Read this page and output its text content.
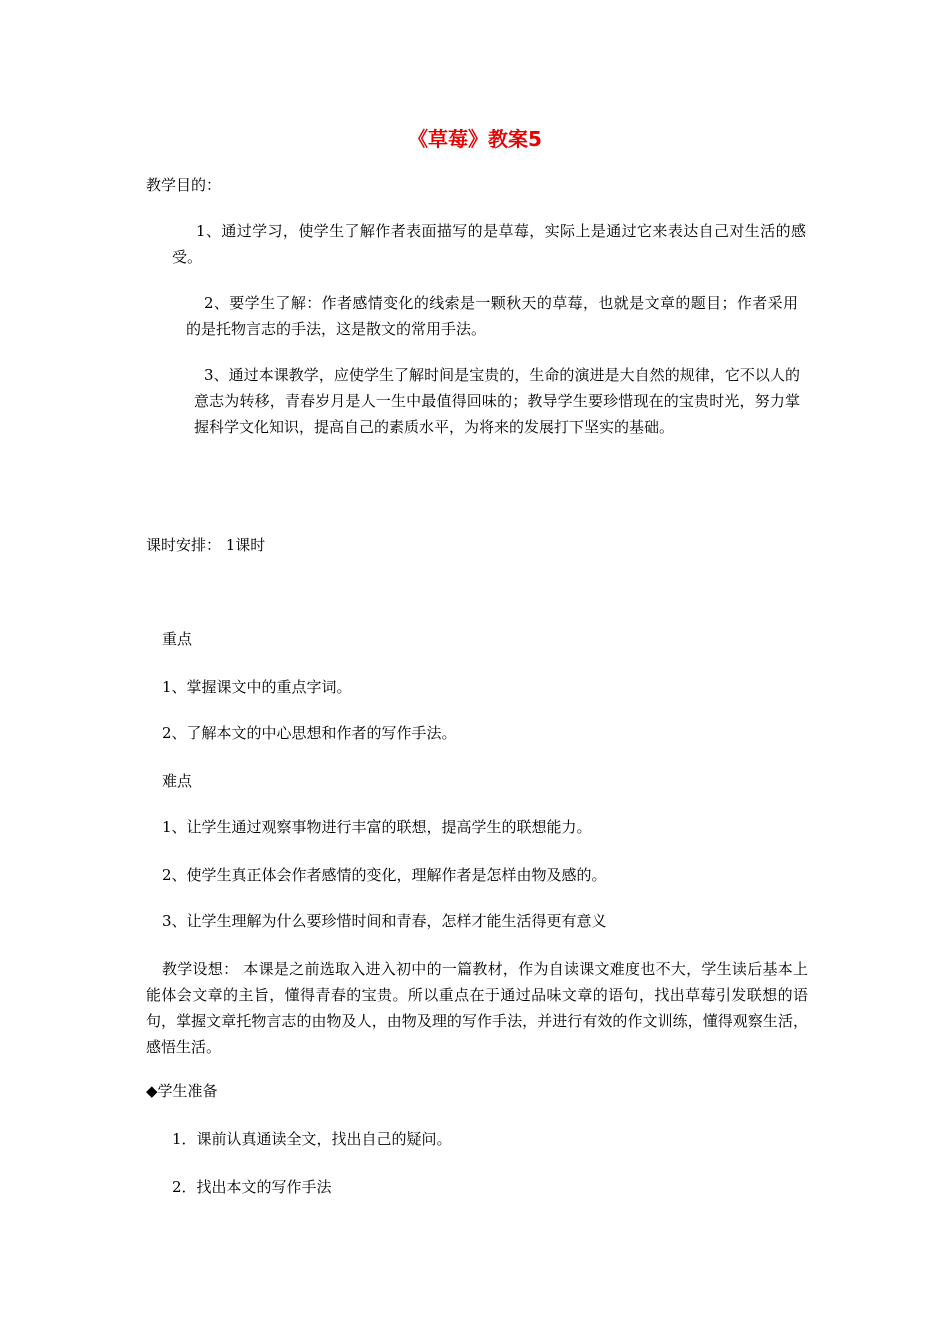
《草莓》教案5
教学目的：
1、通过学习，使学生了解作者表面描写的是草莓，实际上是通过它来表达自己对生活的感受。
2、要学生了解：作者感情变化的线索是一颗秋天的草莓，也就是文章的题目；作者采用的是托物言志的手法，这是散文的常用手法。
3、通过本课教学，应使学生了解时间是宝贵的，生命的演进是大自然的规律，它不以人的意志为转移，青春岁月是人一生中最值得回味的；教导学生要珍惜现在的宝贵时光，努力掌握科学文化知识，提高自己的素质水平，为将来的发展打下坚实的基础。
课时安排： 1课时
重点
1、掌握课文中的重点字词。
2、了解本文的中心思想和作者的写作手法。
难点
1、让学生通过观察事物进行丰富的联想，提高学生的联想能力。
2、使学生真正体会作者感情的变化，理解作者是怎样由物及感的。
3、让学生理解为什么要珍惜时间和青春，怎样才能生活得更有意义
教学设想： 本课是之前选取入进入初中的一篇教材，作为自读课文难度也不大，学生读后基本上能体会文章的主旨，懂得青春的宝贵。所以重点在于通过品味文章的语句，找出草莓引发联想的语句，掌握文章托物言志的由物及人，由物及理的写作手法，并进行有效的作文训练，懂得观察生活，感悟生活。
◆学生准备
1．课前认真通读全文，找出自己的疑问。
2．找出本文的写作手法
